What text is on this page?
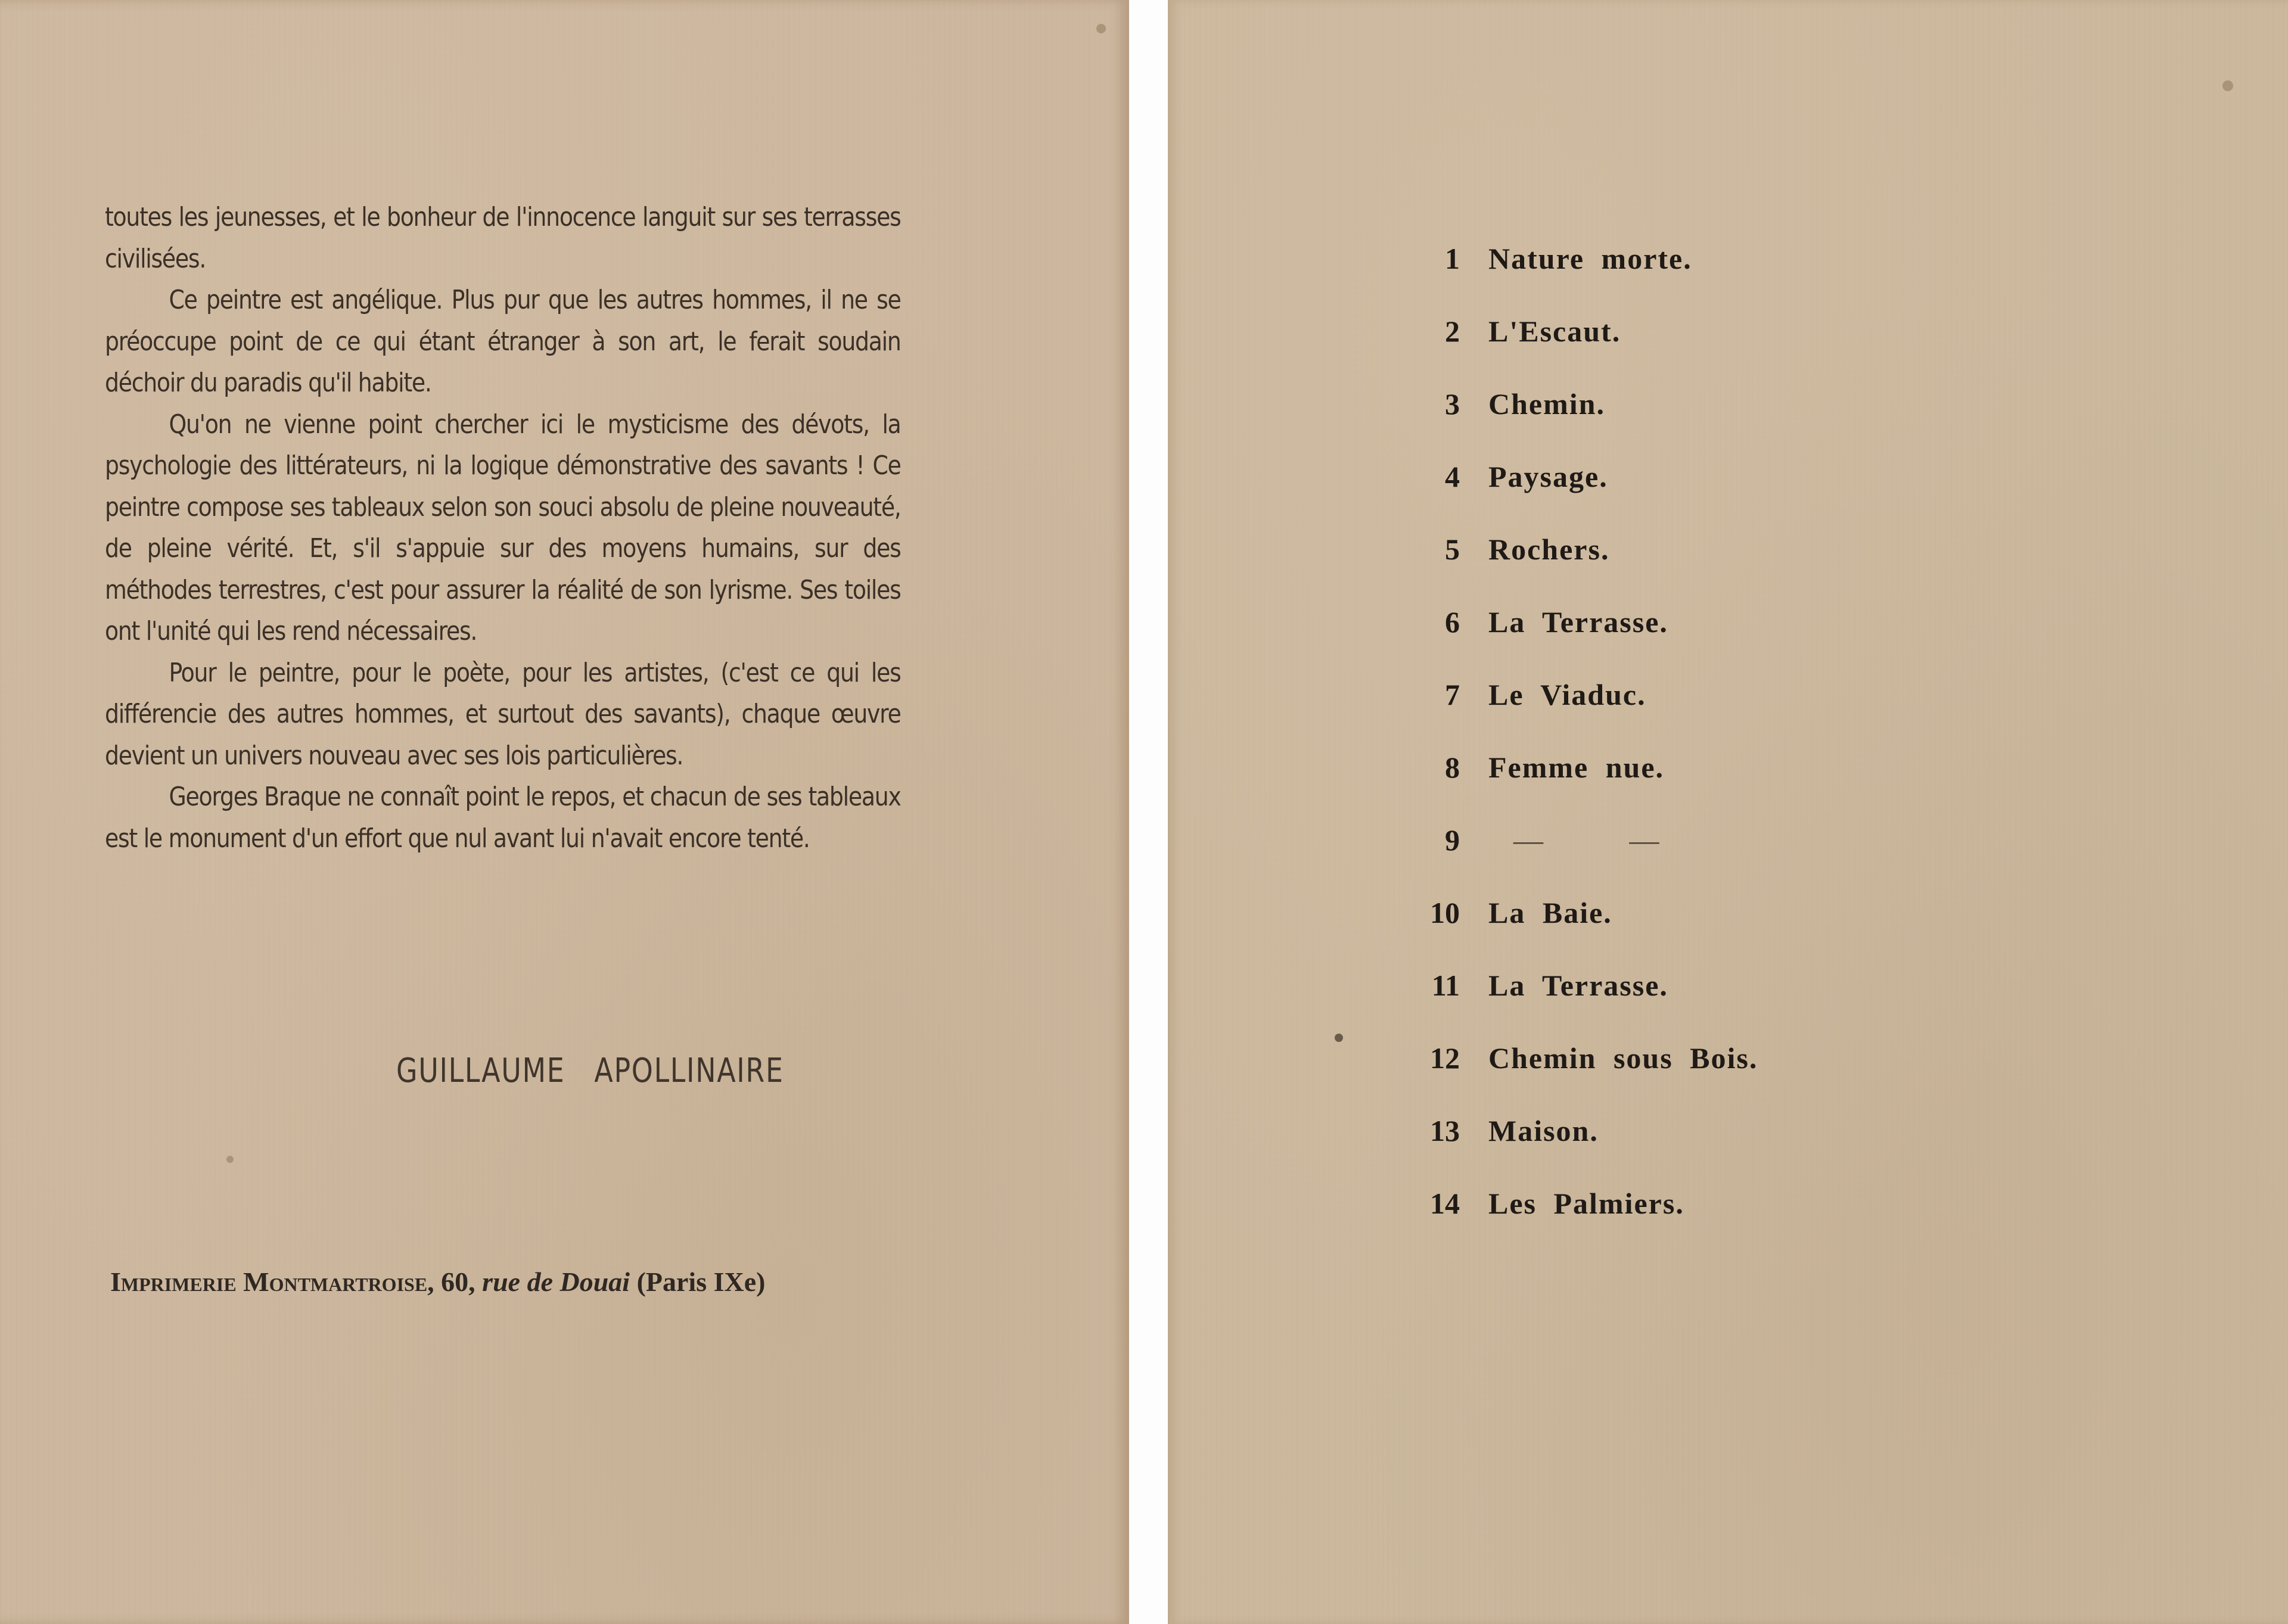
toutes les jeunesses, et le bonheur de l'innocence languit sur ses terrasses civilisées.

Ce peintre est angélique. Plus pur que les autres hommes, il ne se préoccupe point de ce qui étant étranger à son art, le ferait soudain déchoir du paradis qu'il habite.

Qu'on ne vienne point chercher ici le mysticisme des dévots, la psychologie des littérateurs, ni la logique démonstrative des savants ! Ce peintre compose ses tableaux selon son souci absolu de pleine nouveauté, de pleine vérité. Et, s'il s'appuie sur des moyens humains, sur des méthodes terrestres, c'est pour assurer la réalité de son lyrisme. Ses toiles ont l'unité qui les rend nécessaires.

Pour le peintre, pour le poète, pour les artistes, (c'est ce qui les différencie des autres hommes, et surtout des savants), chaque œuvre devient un univers nouveau avec ses lois particulières.

Georges Braque ne connaît point le repos, et chacun de ses tableaux est le monument d'un effort que nul avant lui n'avait encore tenté.

GUILLAUME APOLLINAIRE
Imprimerie Montmartroise, 60, rue de Douai (Paris IXe)
1 Nature morte.
2 L'Escaut.
3 Chemin.
4 Paysage.
5 Rochers.
6 La Terrasse.
7 Le Viaduc.
8 Femme nue.
9 —     —
10 La Baie.
11 La Terrasse.
12 Chemin sous Bois.
13 Maison.
14 Les Palmiers.
